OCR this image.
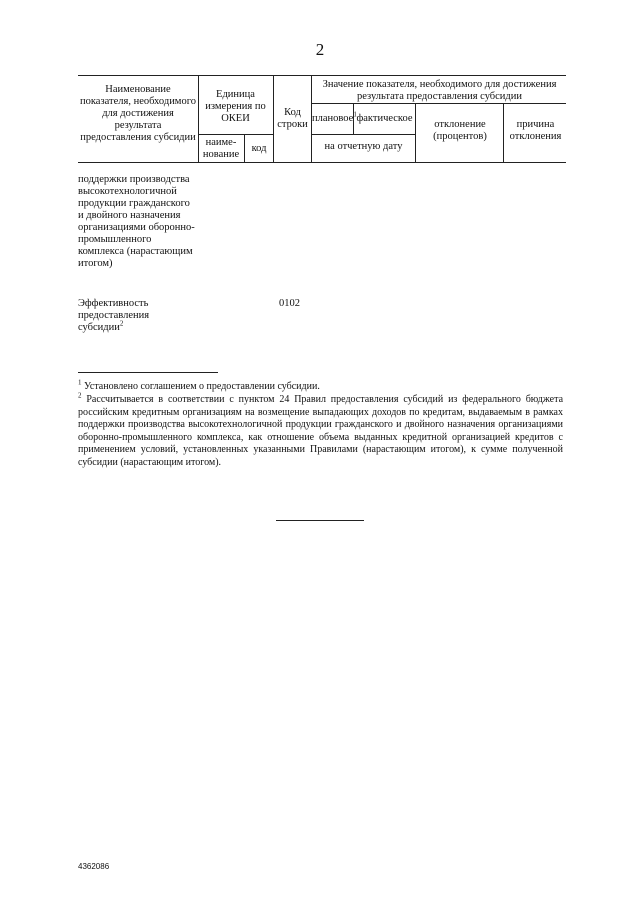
2
Наименование показателя, необходимого для достижения результата предоставления субсидии
Единица измерения по ОКЕИ
наиме-нование
код
Код строки
Значение показателя, необходимого для достижения результата предоставления субсидии
плановое$^1$ фактическое
на отчетную дату
отклонение (процентов)
причина отклонения
поддержки производства высокотехнологичной продукции гражданского и двойного назначения организациями оборонно-промышленного комплекса (нарастающим итогом)
Эффективность предоставления субсидии$^2$
0102
$^1$ Установлено соглашением о предоставлении субсидии.
$^2$ Рассчитывается в соответствии с пунктом 24 Правил предоставления субсидий из федерального бюджета российским кредитным организациям на возмещение выпадающих доходов по кредитам, выдаваемым в рамках поддержки производства высокотехнологичной продукции гражданского и двойного назначения организациями оборонно-промышленного комплекса, как отношение объема выданных кредитной организацией кредитов с применением условий, установленных указанными Правилами (нарастающим итогом), к сумме полученной субсидии (нарастающим итогом).
4362086
